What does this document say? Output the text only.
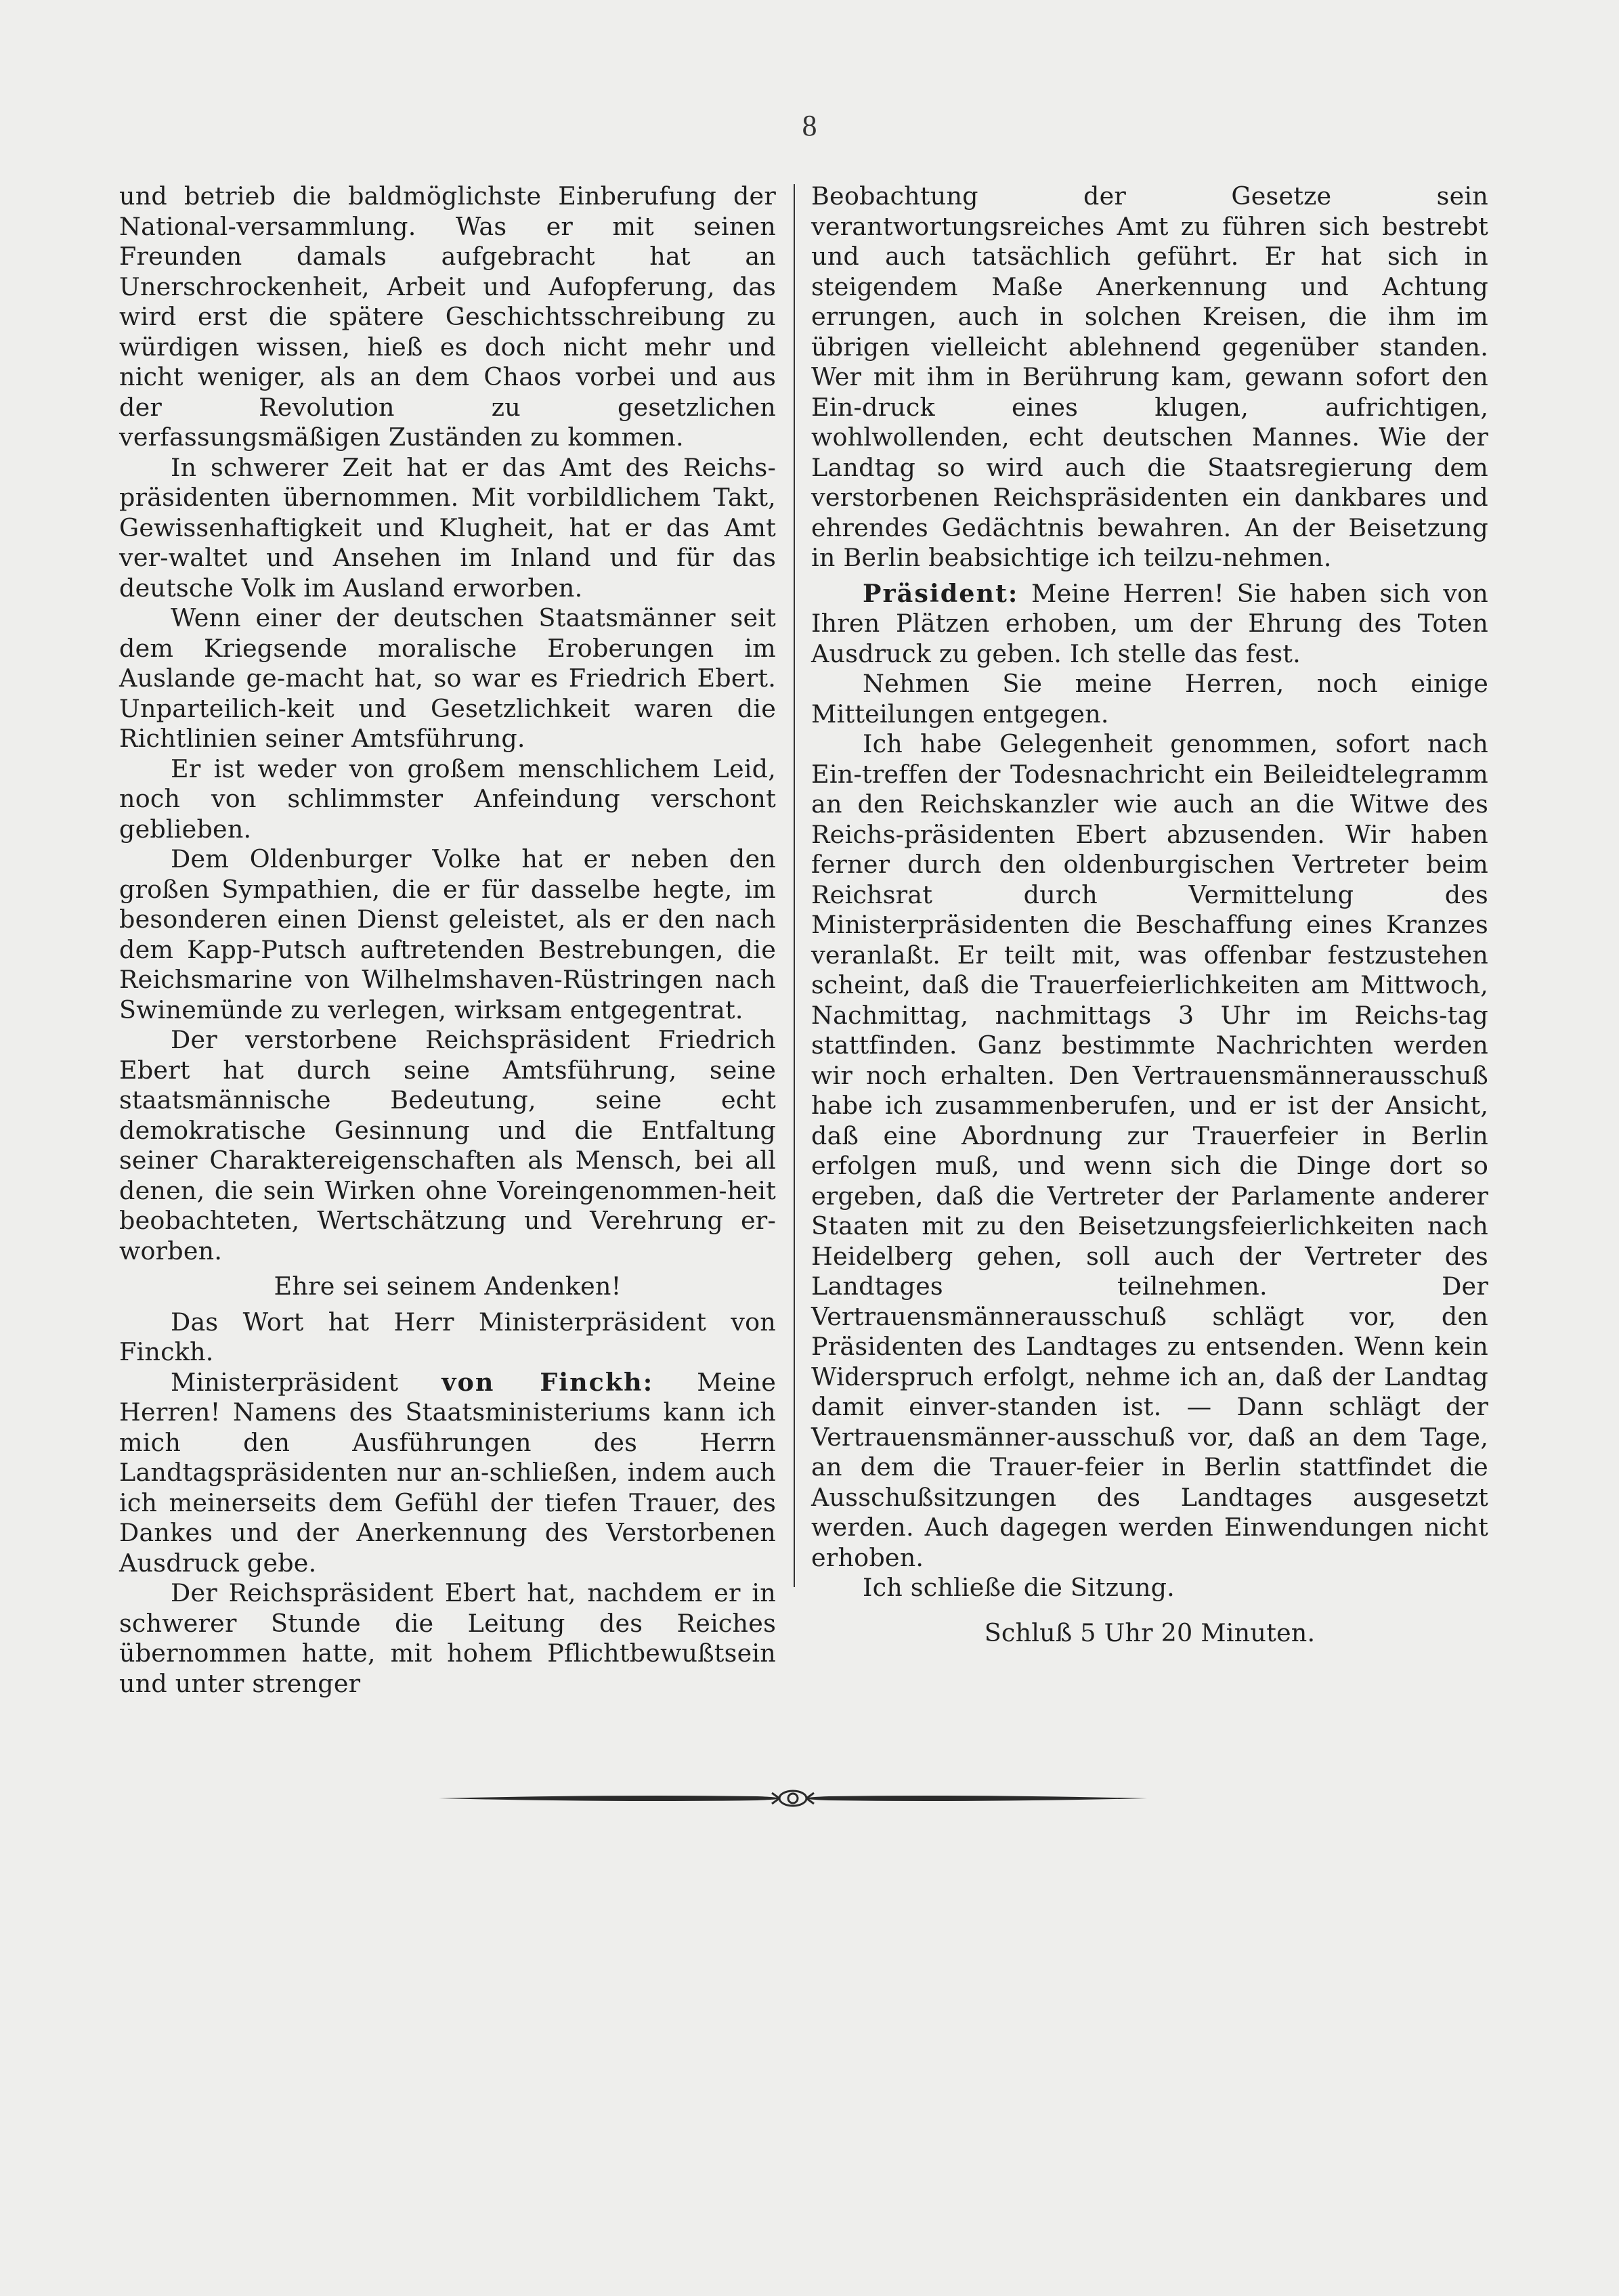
8

und betrieb die baldmöglichste Einberufung der National-versammlung. Was er mit seinen Freunden damals aufgebracht hat an Unerschrockenheit, Arbeit und Aufopferung, das wird erst die spätere Geschichtsschreibung zu würdigen wissen, hieß es doch nicht mehr und nicht weniger, als an dem Chaos vorbei und aus der Revolution zu gesetzlichen verfassungsmäßigen Zuständen zu kommen.

In schwerer Zeit hat er das Amt des Reichs-präsidenten übernommen. Mit vorbildlichem Takt, Gewissenhaftigkeit und Klugheit, hat er das Amt ver-waltet und Ansehen im Inland und für das deutsche Volk im Ausland erworben.

Wenn einer der deutschen Staatsmänner seit dem Kriegsende moralische Eroberungen im Auslande ge-macht hat, so war es Friedrich Ebert. Unparteilich-keit und Gesetzlichkeit waren die Richtlinien seiner Amtsführung.

Er ist weder von großem menschlichem Leid, noch von schlimmster Anfeindung verschont geblieben.

Dem Oldenburger Volke hat er neben den großen Sympathien, die er für dasselbe hegte, im besonderen einen Dienst geleistet, als er den nach dem Kapp-Putsch auftretenden Bestrebungen, die Reichsmarine von Wilhelmshaven-Rüstringen nach Swinemünde zu verlegen, wirksam entgegentrat.

Der verstorbene Reichspräsident Friedrich Ebert hat durch seine Amtsführung, seine staatsmännische Bedeutung, seine echt demokratische Gesinnung und die Entfaltung seiner Charaktereigenschaften als Mensch, bei all denen, die sein Wirken ohne Voreingenommen-heit beobachteten, Wertschätzung und Verehrung er-worben.

Ehre sei seinem Andenken!

Das Wort hat Herr Ministerpräsident von Finckh.

Ministerpräsident von Finckh: Meine Herren! Namens des Staatsministeriums kann ich mich den Ausführungen des Herrn Landtagspräsidenten nur an-schließen, indem auch ich meinerseits dem Gefühl der tiefen Trauer, des Dankes und der Anerkennung des Verstorbenen Ausdruck gebe.

Der Reichspräsident Ebert hat, nachdem er in schwerer Stunde die Leitung des Reiches übernommen hatte, mit hohem Pflichtbewußtsein und unter strenger

Beobachtung der Gesetze sein verantwortungsreiches Amt zu führen sich bestrebt und auch tatsächlich geführt. Er hat sich in steigendem Maße Anerkennung und Achtung errungen, auch in solchen Kreisen, die ihm im übrigen vielleicht ablehnend gegenüber standen. Wer mit ihm in Berührung kam, gewann sofort den Ein-druck eines klugen, aufrichtigen, wohlwollenden, echt deutschen Mannes. Wie der Landtag so wird auch die Staatsregierung dem verstorbenen Reichspräsidenten ein dankbares und ehrendes Gedächtnis bewahren. An der Beisetzung in Berlin beabsichtige ich teilzu-nehmen.

Präsident: Meine Herren! Sie haben sich von Ihren Plätzen erhoben, um der Ehrung des Toten Ausdruck zu geben. Ich stelle das fest.

Nehmen Sie meine Herren, noch einige Mitteilungen entgegen.

Ich habe Gelegenheit genommen, sofort nach Ein-treffen der Todesnachricht ein Beileidtelegramm an den Reichskanzler wie auch an die Witwe des Reichs-präsidenten Ebert abzusenden. Wir haben ferner durch den oldenburgischen Vertreter beim Reichsrat durch Vermittelung des Ministerpräsidenten die Beschaffung eines Kranzes veranlaßt. Er teilt mit, was offenbar festzustehen scheint, daß die Trauerfeierlichkeiten am Mittwoch, Nachmittag, nachmittags 3 Uhr im Reichs-tag stattfinden. Ganz bestimmte Nachrichten werden wir noch erhalten. Den Vertrauensmännerausschuß habe ich zusammenberufen, und er ist der Ansicht, daß eine Abordnung zur Trauerfeier in Berlin erfolgen muß, und wenn sich die Dinge dort so ergeben, daß die Vertreter der Parlamente anderer Staaten mit zu den Beisetzungsfeierlichkeiten nach Heidelberg gehen, soll auch der Vertreter des Landtages teilnehmen. Der Vertrauensmännerausschuß schlägt vor, den Präsidenten des Landtages zu entsenden. Wenn kein Widerspruch erfolgt, nehme ich an, daß der Landtag damit einver-standen ist. — Dann schlägt der Vertrauensmänner-ausschuß vor, daß an dem Tage, an dem die Trauer-feier in Berlin stattfindet die Ausschußsitzungen des Landtages ausgesetzt werden. Auch dagegen werden Einwendungen nicht erhoben.

Ich schließe die Sitzung.

Schluß 5 Uhr 20 Minuten.
